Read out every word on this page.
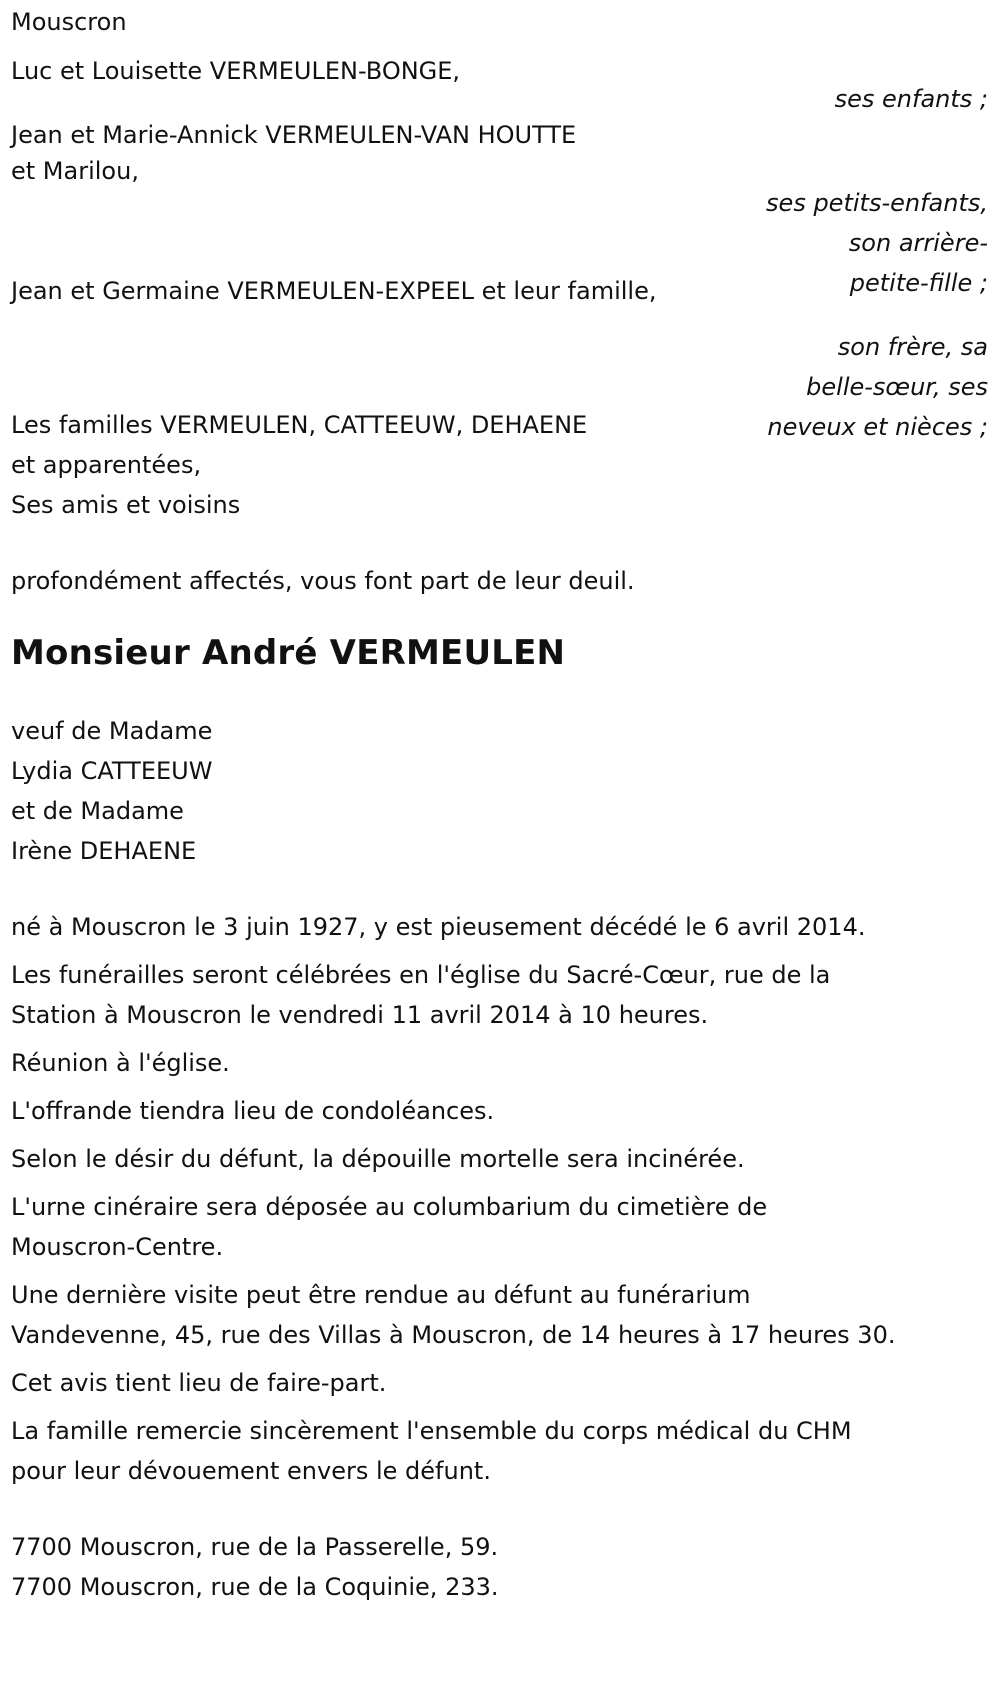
Mouscron
Luc et Louisette VERMEULEN-BONGE,
ses enfants ;
Jean et Marie-Annick VERMEULEN-VAN HOUTTE
et Marilou,
ses petits-enfants,
son arrière-
petite-fille ;
Jean et Germaine VERMEULEN-EXPEEL et leur famille,
son frère, sa
belle-sœur, ses
neveux et nièces ;
Les familles VERMEULEN, CATTEEUW, DEHAENE
et apparentées,
Ses amis et voisins
profondément affectés, vous font part de leur deuil.
Monsieur André VERMEULEN
veuf de Madame
Lydia CATTEEUW
et de Madame
Irène DEHAENE
né à Mouscron le 3 juin 1927, y est pieusement décédé le 6 avril 2014.
Les funérailles seront célébrées en l'église du Sacré-Cœur, rue de la
Station à Mouscron le vendredi 11 avril 2014 à 10 heures.
Réunion à l'église.
L'offrande tiendra lieu de condoléances.
Selon le désir du défunt, la dépouille mortelle sera incinérée.
L'urne cinéraire sera déposée au columbarium du cimetière de
Mouscron-Centre.
Une dernière visite peut être rendue au défunt au funérarium
Vandevenne, 45, rue des Villas à Mouscron, de 14 heures à 17 heures 30.
Cet avis tient lieu de faire-part.
La famille remercie sincèrement l'ensemble du corps médical du CHM
pour leur dévouement envers le défunt.
7700 Mouscron, rue de la Passerelle, 59.
7700 Mouscron, rue de la Coquinie, 233.
